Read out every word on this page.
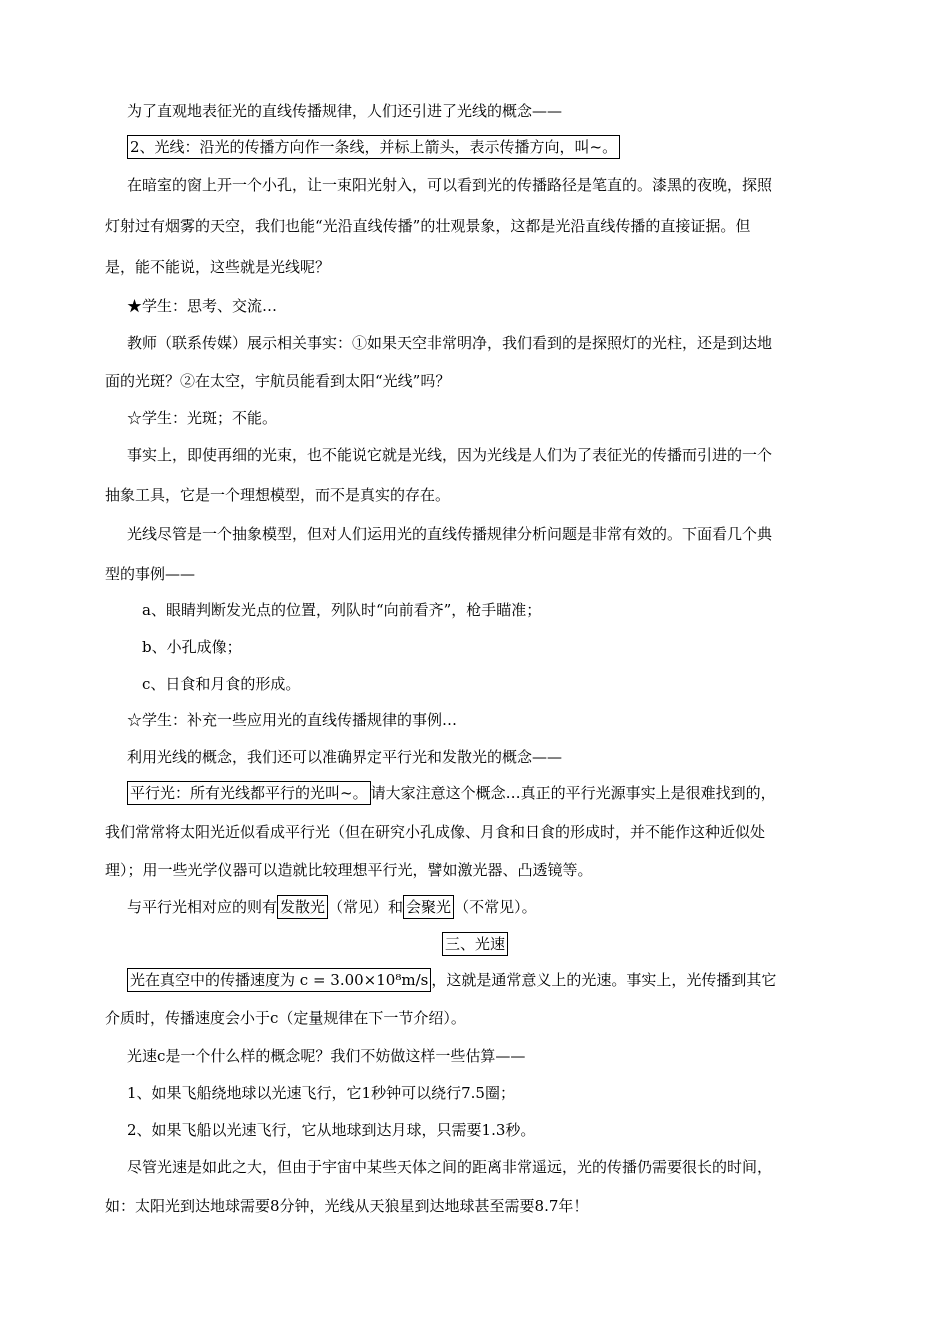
为了直观地表征光的直线传播规律，人们还引进了光线的概念——
2、光线：沿光的传播方向作一条线，并标上箭头，表示传播方向，叫~。
在暗室的窗上开一个小孔，让一束阳光射入，可以看到光的传播路径是笔直的。漆黑的夜晚，探照
灯射过有烟雾的天空，我们也能“光沿直线传播”的壮观景象，这都是光沿直线传播的直接证据。但
是，能不能说，这些就是光线呢？
★学生：思考、交流…
教师（联系传媒）展示相关事实：①如果天空非常明净，我们看到的是探照灯的光柱，还是到达地
面的光斑？②在太空，宇航员能看到太阳“光线”吗？
☆学生：光斑；不能。
事实上，即使再细的光束，也不能说它就是光线，因为光线是人们为了表征光的传播而引进的一个
抽象工具，它是一个理想模型，而不是真实的存在。
光线尽管是一个抽象模型，但对人们运用光的直线传播规律分析问题是非常有效的。下面看几个典
型的事例——
a、眼睛判断发光点的位置，列队时“向前看齐”，枪手瞄准；
b、小孔成像；
c、日食和月食的形成。
☆学生：补充一些应用光的直线传播规律的事例…
利用光线的概念，我们还可以准确界定平行光和发散光的概念——
平行光：所有光线都平行的光叫~。 请大家注意这个概念…真正的平行光源事实上是很难找到的，
我们常常将太阳光近似看成平行光（但在研究小孔成像、月食和日食的形成时，并不能作这种近似处
理）；用一些光学仪器可以造就比较理想平行光，譬如激光器、凸透镜等。
与平行光相对应的则有 发散光 （常见）和 会聚光 （不常见）。
三、光速
光在真空中的传播速度为 c = 3.00×10⁸m/s ，这就是通常意义上的光速。事实上，光传播到其它
介质时，传播速度会小于c（定量规律在下一节介绍）。
光速c是一个什么样的概念呢？我们不妨做这样一些估算——
1、如果飞船绕地球以光速飞行，它1秒钟可以绕行7.5圈；
2、如果飞船以光速飞行，它从地球到达月球，只需要1.3秒。
尽管光速是如此之大，但由于宇宙中某些天体之间的距离非常遥远，光的传播仍需要很长的时间，
如：太阳光到达地球需要8分钟，光线从天狼星到达地球甚至需要8.7年！
